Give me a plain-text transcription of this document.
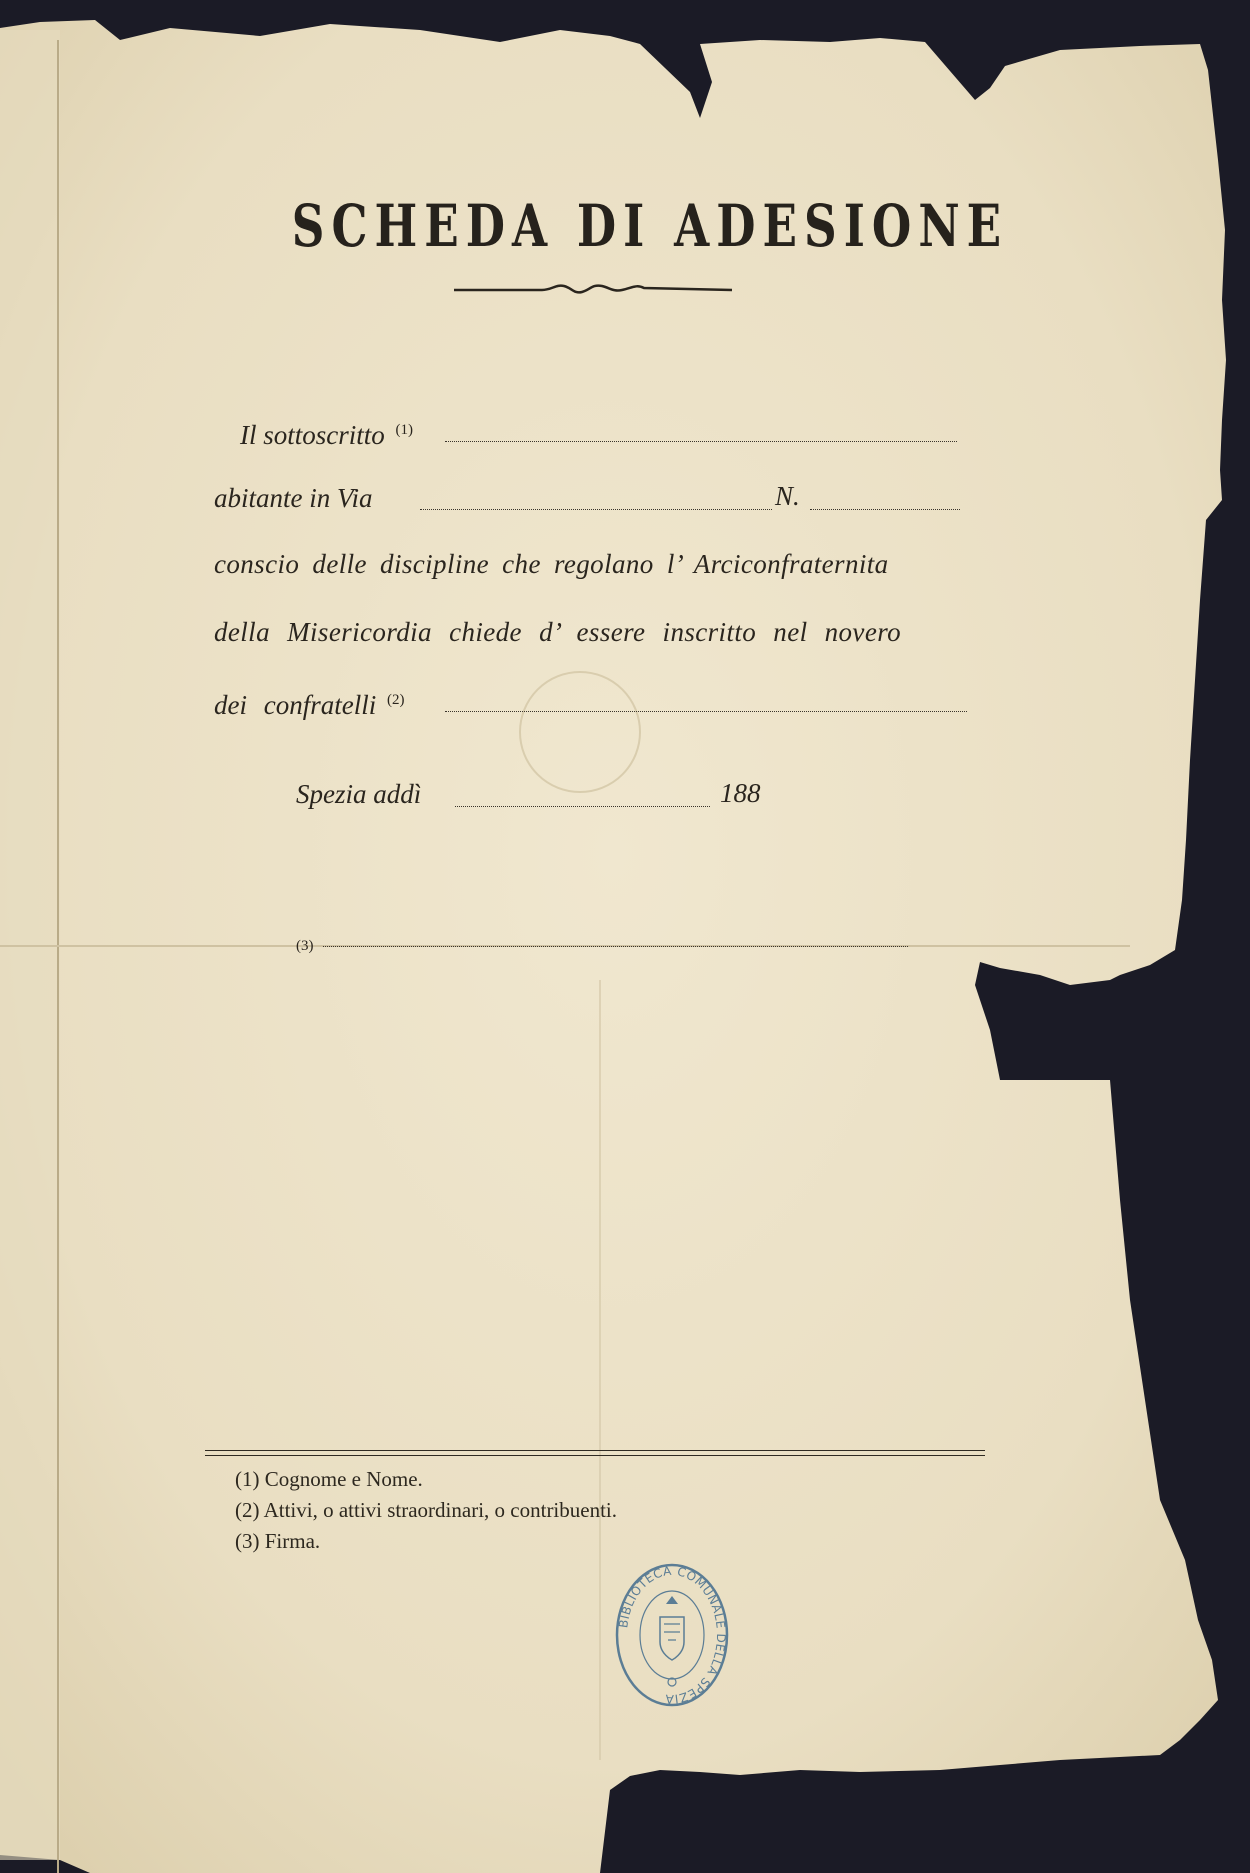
SCHEDA DI ADESIONE
Il sottoscritto $^{(1)}$
abitante in Via	N.
conscio delle discipline che regolano l’ Arciconfraternita
della Misericordia chiede d’ essere inscritto nel novero
dei confratelli $^{(2)}$
Spezia addì	188
(3)
(1) Cognome e Nome.
(2) Attivi, o attivi straordinari, o contribuenti.
(3) Firma.
BIBLIOTECA COMUNALE DELLA SPEZIA
